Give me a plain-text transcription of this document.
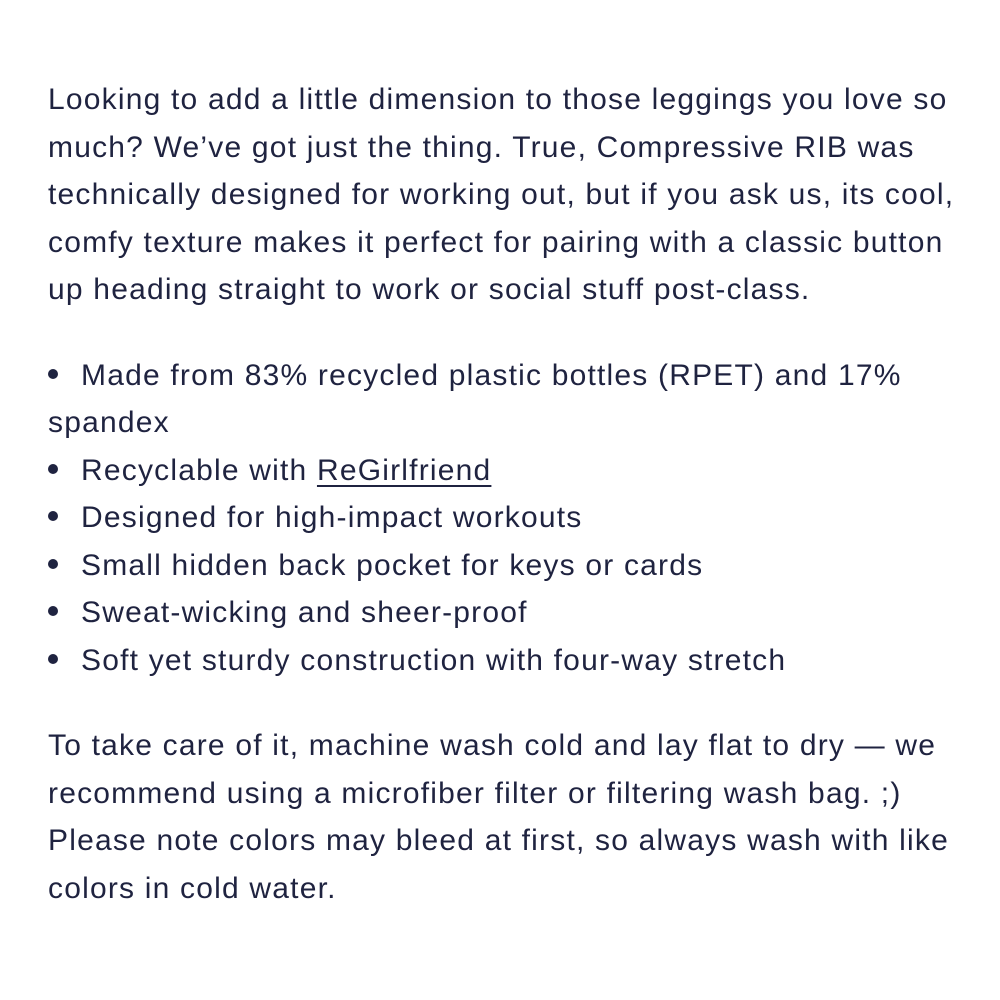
Looking to add a little dimension to those leggings you love so much? We’ve got just the thing. True, Compressive RIB was technically designed for working out, but if you ask us, its cool, comfy texture makes it perfect for pairing with a classic button up heading straight to work or social stuff post-class.

Made from 83% recycled plastic bottles (RPET) and 17% spandex
Recyclable with ReGirlfriend
Designed for high-impact workouts
Small hidden back pocket for keys or cards
Sweat-wicking and sheer-proof
Soft yet sturdy construction with four-way stretch

To take care of it, machine wash cold and lay flat to dry — we recommend using a microfiber filter or filtering wash bag. ;) Please note colors may bleed at first, so always wash with like colors in cold water.
